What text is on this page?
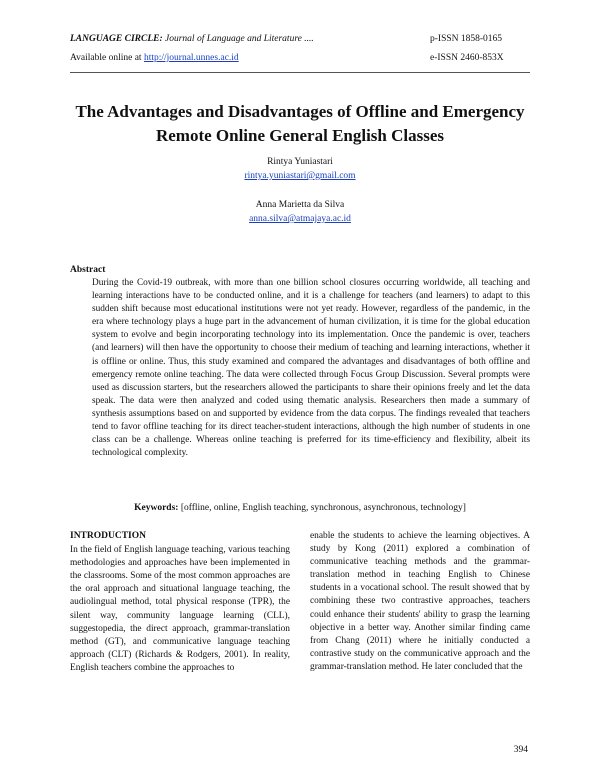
LANGUAGE CIRCLE: Journal of Language and Literature ....	p-ISSN 1858-0165
Available online at http://journal.unnes.ac.id	e-ISSN 2460-853X
The Advantages and Disadvantages of Offline and Emergency
Remote Online General English Classes
Rintya Yuniastari
rintya.yuniastari@gmail.com
Anna Marietta da Silva
anna.silva@atmajaya.ac.id
Abstract

During the Covid-19 outbreak, with more than one billion school closures occurring worldwide, all teaching and learning interactions have to be conducted online, and it is a challenge for teachers (and learners) to adapt to this sudden shift because most educational institutions were not yet ready. However, regardless of the pandemic, in the era where technology plays a huge part in the advancement of human civilization, it is time for the global education system to evolve and begin incorporating technology into its implementation. Once the pandemic is over, teachers (and learners) will then have the opportunity to choose their medium of teaching and learning interactions, whether it is offline or online. Thus, this study examined and compared the advantages and disadvantages of both offline and emergency remote online teaching. The data were collected through Focus Group Discussion. Several prompts were used as discussion starters, but the researchers allowed the participants to share their opinions freely and let the data speak. The data were then analyzed and coded using thematic analysis. Researchers then made a summary of synthesis assumptions based on and supported by evidence from the data corpus. The findings revealed that teachers tend to favor offline teaching for its direct teacher-student interactions, although the high number of students in one class can be a challenge. Whereas online teaching is preferred for its time-efficiency and flexibility, albeit its technological complexity.

Keywords: [offline, online, English teaching, synchronous, asynchronous, technology]
INTRODUCTION

In the field of English language teaching, various teaching methodologies and approaches have been implemented in the classrooms. Some of the most common approaches are the oral approach and situational language teaching, the audiolingual method, total physical response (TPR), the silent way, community language learning (CLL), suggestopedia, the direct approach, grammar-translation method (GT), and communicative language teaching approach (CLT) (Richards & Rodgers, 2001). In reality, English teachers combine the approaches to

enable the students to achieve the learning objectives. A study by Kong (2011) explored a combination of communicative teaching methods and the grammar-translation method in teaching English to Chinese students in a vocational school. The result showed that by combining these two contrastive approaches, teachers could enhance their students' ability to grasp the learning objective in a better way. Another similar finding came from Chang (2011) where he initially conducted a contrastive study on the communicative approach and the grammar-translation method. He later concluded that the

394
